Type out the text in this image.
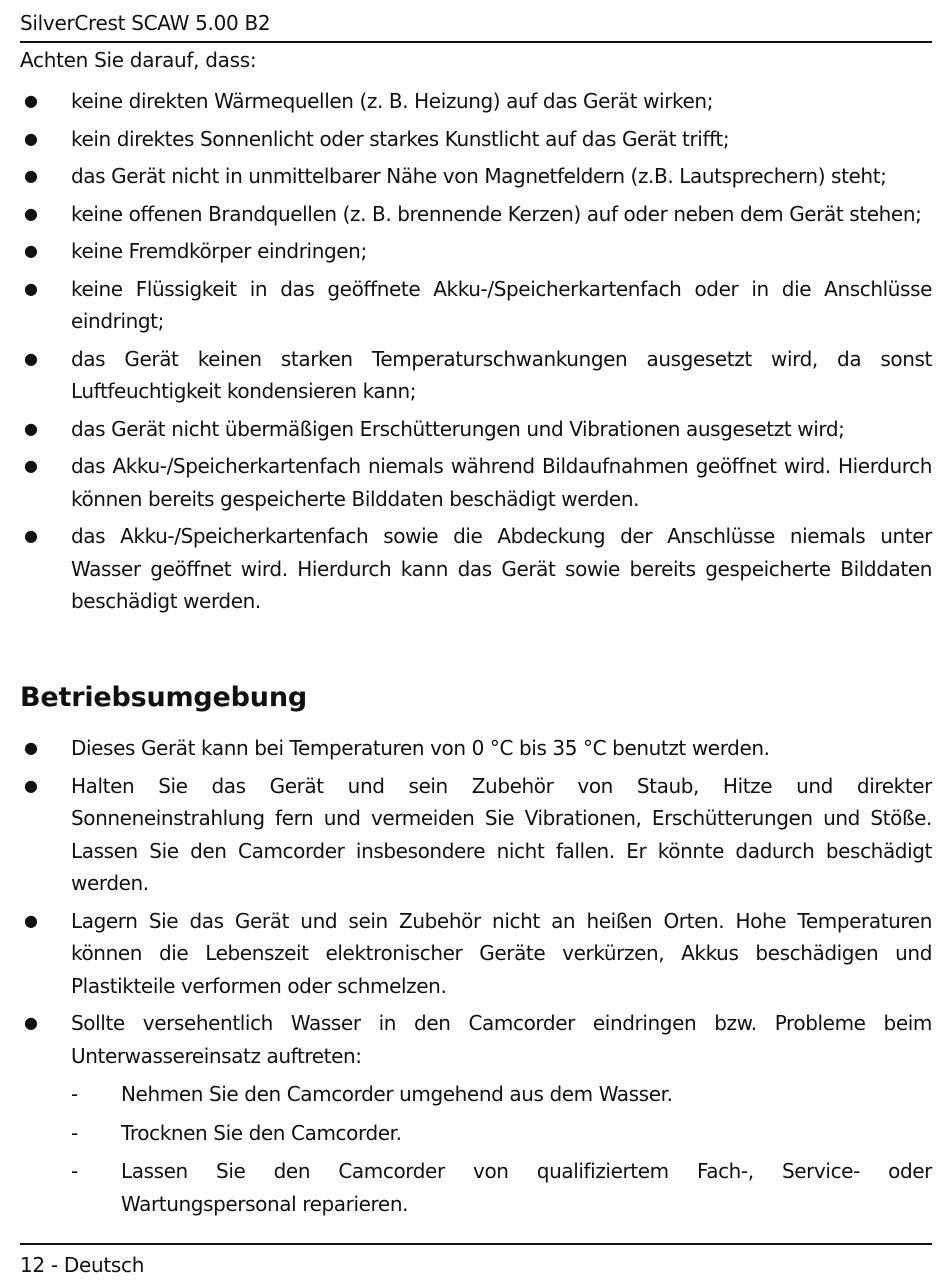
SilverCrest SCAW 5.00 B2
Achten Sie darauf, dass:
● keine direkten Wärmequellen (z. B. Heizung) auf das Gerät wirken;
● kein direktes Sonnenlicht oder starkes Kunstlicht auf das Gerät trifft;
● das Gerät nicht in unmittelbarer Nähe von Magnetfeldern (z.B. Lautsprechern) steht;
● keine offenen Brandquellen (z. B. brennende Kerzen) auf oder neben dem Gerät stehen;
● keine Fremdkörper eindringen;
● keine Flüssigkeit in das geöffnete Akku-/Speicherkartenfach oder in die Anschlüsse eindringt;
● das Gerät keinen starken Temperaturschwankungen ausgesetzt wird, da sonst Luftfeuchtigkeit kondensieren kann;
● das Gerät nicht übermäßigen Erschütterungen und Vibrationen ausgesetzt wird;
● das Akku-/Speicherkartenfach niemals während Bildaufnahmen geöffnet wird. Hierdurch können bereits gespeicherte Bilddaten beschädigt werden.
● das Akku-/Speicherkartenfach sowie die Abdeckung der Anschlüsse niemals unter Wasser geöffnet wird. Hierdurch kann das Gerät sowie bereits gespeicherte Bilddaten beschädigt werden.
Betriebsumgebung
● Dieses Gerät kann bei Temperaturen von 0 °C bis 35 °C benutzt werden.
● Halten Sie das Gerät und sein Zubehör von Staub, Hitze und direkter Sonneneinstrahlung fern und vermeiden Sie Vibrationen, Erschütterungen und Stöße. Lassen Sie den Camcorder insbesondere nicht fallen. Er könnte dadurch beschädigt werden.
● Lagern Sie das Gerät und sein Zubehör nicht an heißen Orten. Hohe Temperaturen können die Lebenszeit elektronischer Geräte verkürzen, Akkus beschädigen und Plastikteile verformen oder schmelzen.
● Sollte versehentlich Wasser in den Camcorder eindringen bzw. Probleme beim Unterwassereinsatz auftreten:
- Nehmen Sie den Camcorder umgehend aus dem Wasser.
- Trocknen Sie den Camcorder.
- Lassen Sie den Camcorder von qualifiziertem Fach-, Service- oder Wartungspersonal reparieren.
12 - Deutsch
